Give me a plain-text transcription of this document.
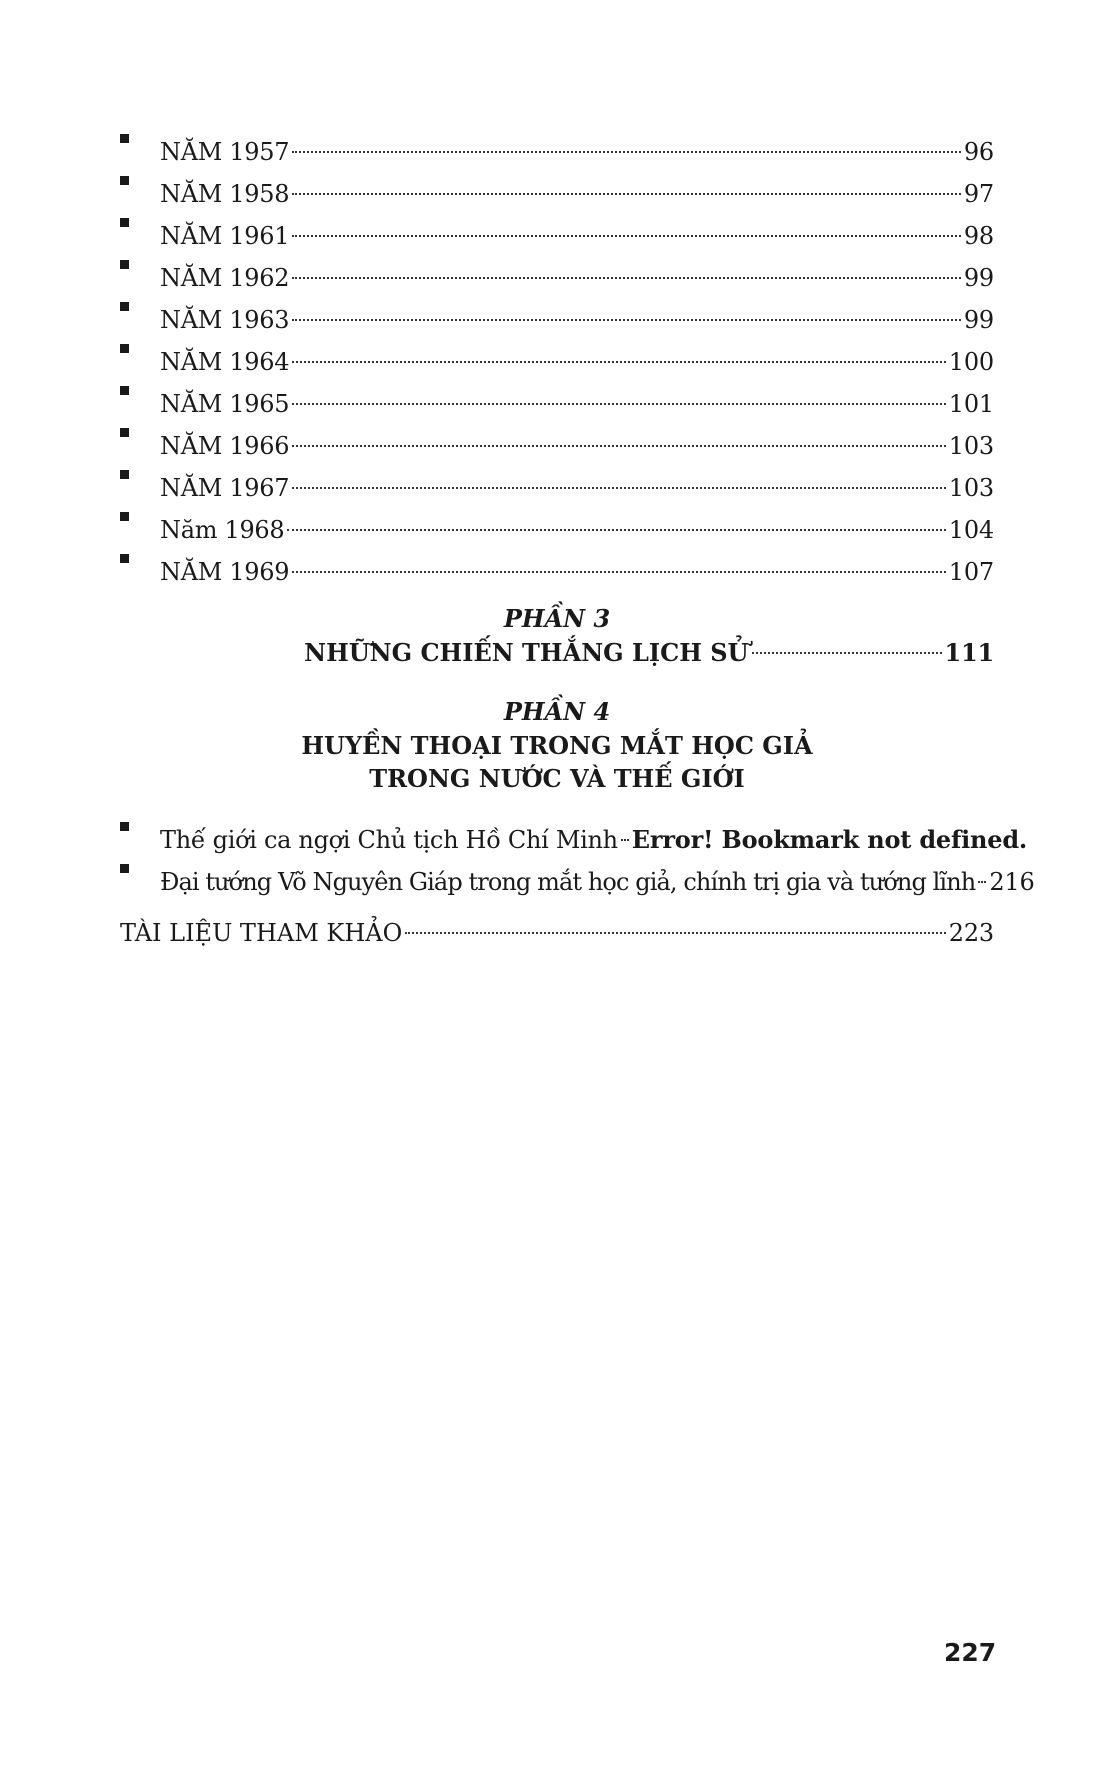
NĂM 1957	96
NĂM 1958	97
NĂM 1961	98
NĂM 1962	99
NĂM 1963	99
NĂM 1964	100
NĂM 1965	101
NĂM 1966	103
NĂM 1967	103
Năm 1968	104
NĂM 1969	107
PHẦN 3
NHỮNG CHIẾN THẮNG LỊCH SỬ	111
PHẦN 4
HUYỀN THOẠI TRONG MẮT HỌC GIẢ
TRONG NƯỚC VÀ THẾ GIỚI
Thế giới ca ngợi Chủ tịch Hồ Chí Minh Error! Bookmark not defined.
Đại tướng Võ Nguyên Giáp trong mắt học giả, chính trị gia và tướng lĩnh 216
TÀI LIỆU THAM KHẢO	223
227
